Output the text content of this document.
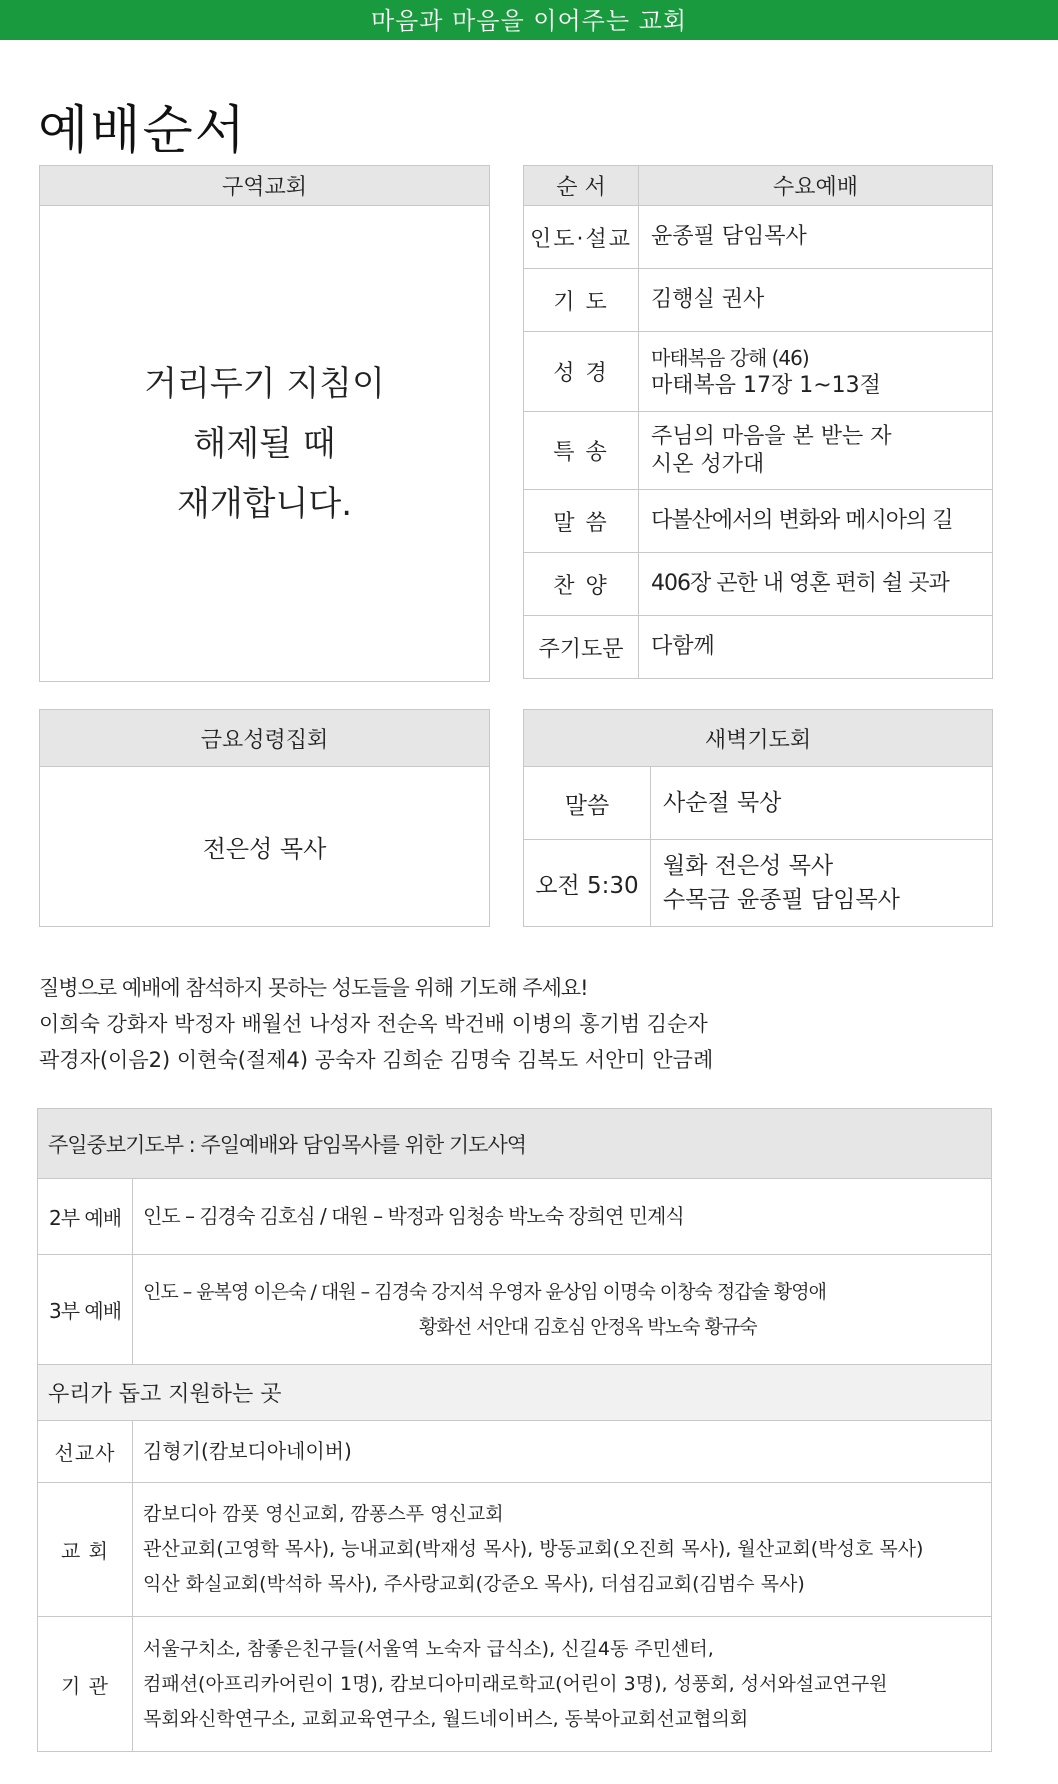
마음과 마음을 이어주는 교회
예배순서
구역교회

거리두기 지침이
해제될 때
재개합니다.
순 서	수요예배
인도·설교	윤종필 담임목사
기 도	김행실 권사
성 경	마태복음 강해 (46)
마태복음 17장 1~13절

특 송	주님의 마음을 본 받는 자
시온 성가대

말 씀	다볼산에서의 변화와 메시아의 길
찬 양	406장 곤한 내 영혼 편히 쉴 곳과
주기도문	다함께
금요성령집회
전은성 목사
새벽기도회	
말씀	사순절 묵상
오전 5:30	월화 전은성 목사
수목금 윤종필 담임목사
질병으로 예배에 참석하지 못하는 성도들을 위해 기도해 주세요!
이희숙 강화자 박정자 배월선 나성자 전순옥 박건배 이병의 홍기범 김순자
곽경자(이음2) 이현숙(절제4) 공숙자 김희순 김명숙 김복도 서안미 안금례
주일중보기도부 : 주일예배와 담임목사를 위한 기도사역	
2부 예배	인도 – 김경숙 김호심 / 대원 – 박정과 임청송 박노숙 장희연 민계식
3부 예배	인도 – 윤복영 이은숙 / 대원 – 김경숙 강지석 우영자 윤상임 이명숙 이창숙 정갑술 황영애
황화선 서안대 김호심 안정옥 박노숙 황규숙

우리가 돕고 지원하는 곳	
선교사	김형기(캄보디아네이버)
교 회	캄보디아 깜폿 영신교회, 깜퐁스푸 영신교회
관산교회(고영학 목사), 능내교회(박재성 목사), 방동교회(오진희 목사), 월산교회(박성호 목사)
익산 화실교회(박석하 목사), 주사랑교회(강준오 목사), 더섬김교회(김범수 목사)

기 관	서울구치소, 참좋은친구들(서울역 노숙자 급식소), 신길4동 주민센터,
컴패션(아프리카어린이 1명), 캄보디아미래로학교(어린이 3명), 성풍회, 성서와설교연구원
목회와신학연구소, 교회교육연구소, 월드네이버스, 동북아교회선교협의회
